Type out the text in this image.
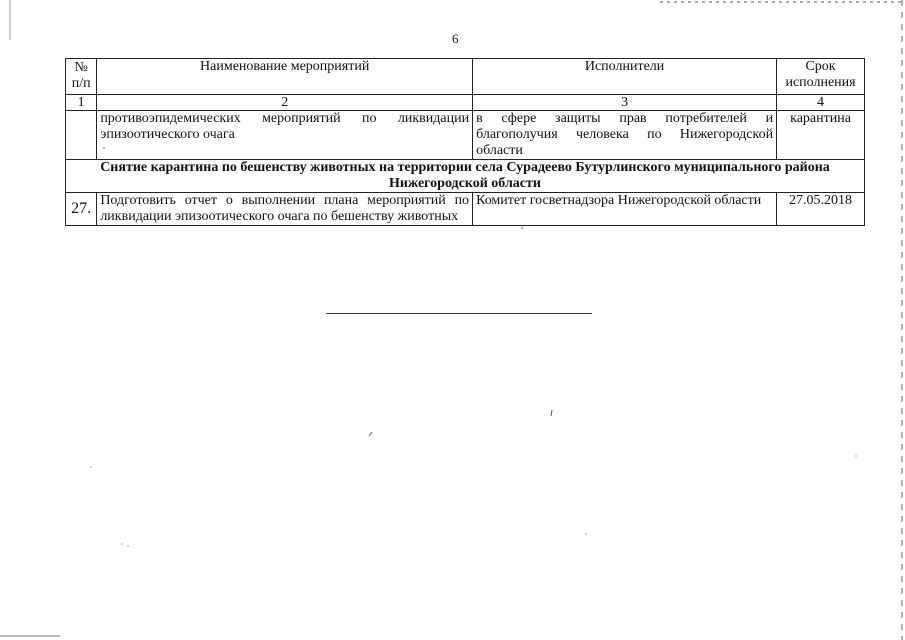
6
№ п/п	Наименование мероприятий	Исполнители	Срок исполнения
1	2	3	4
	противоэпидемических мероприятий по ликвидации эпизоотического очага	в сфере защиты прав потребителей и благополучия человека по Нижегородской области	карантина
Снятие карантина по бешенству животных на территории села Сурадеево Бутурлинского муниципального района Нижегородской области			
27.	Подготовить отчет о выполнении плана мероприятий по ликвидации эпизоотического очага по бешенству животных	Комитет госветнадзора Нижегородской области	27.05.2018
